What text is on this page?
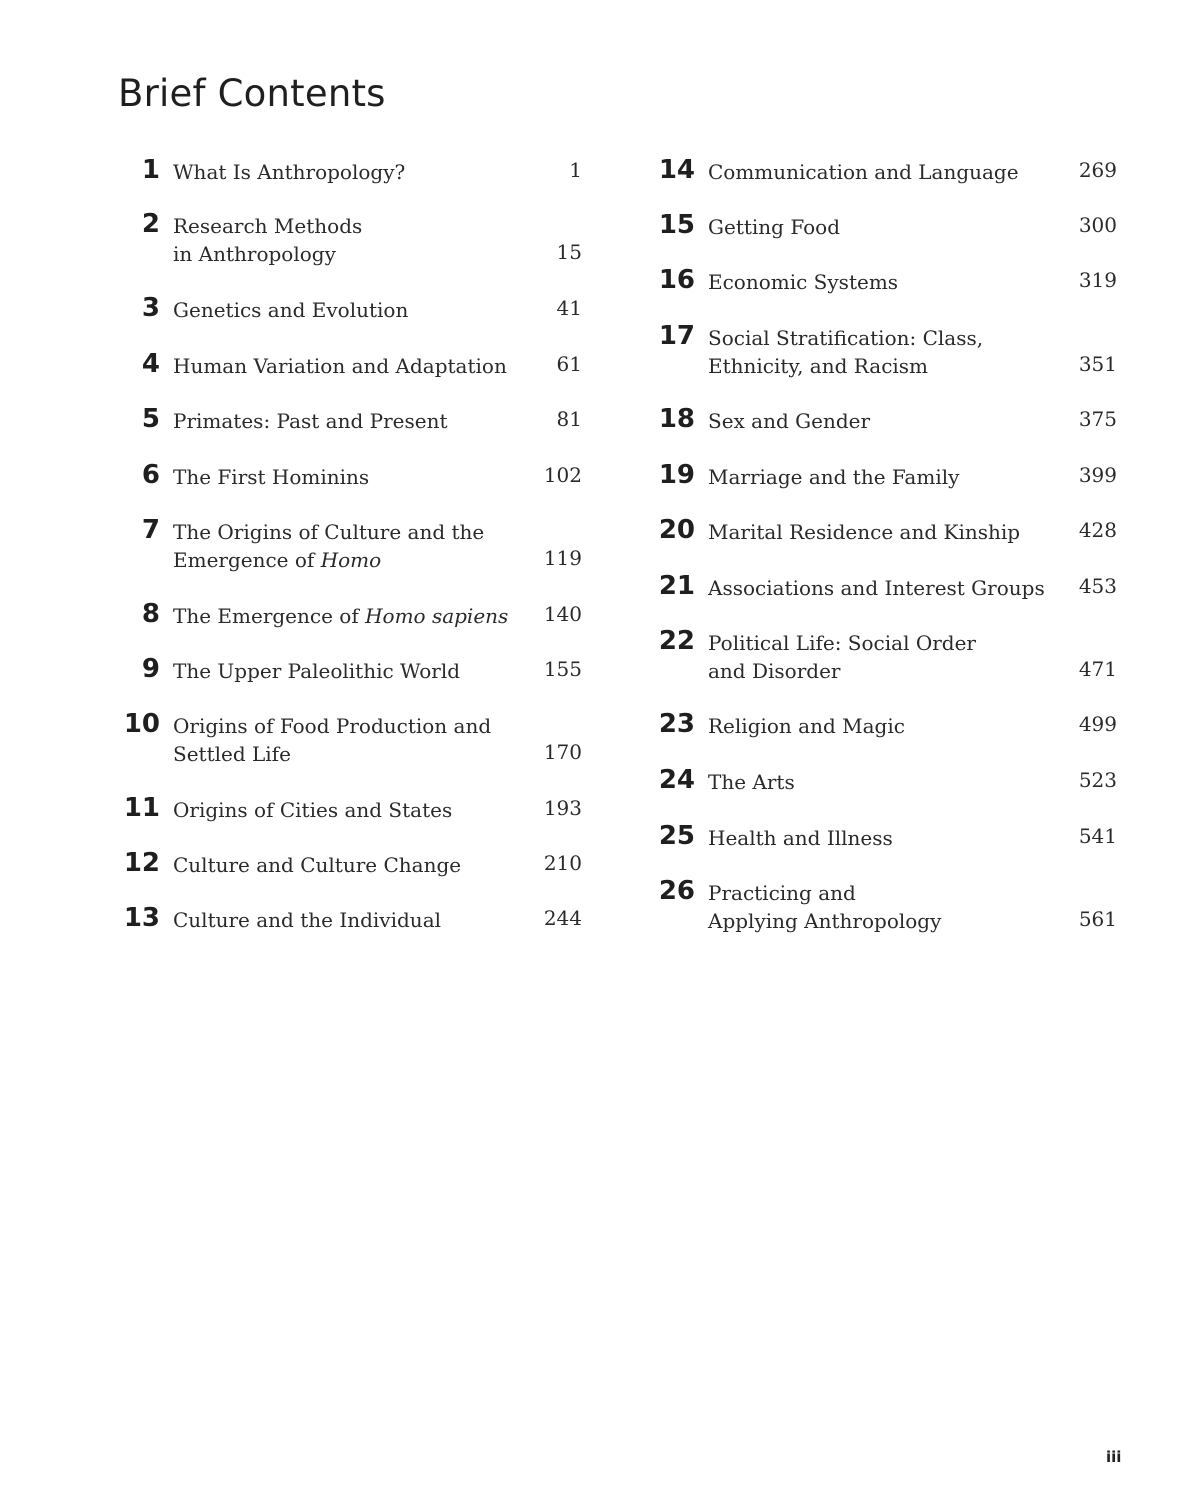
Brief Contents
1 What Is Anthropology?	1
2 Research Methods
in Anthropology	15
3 Genetics and Evolution	41
4 Human Variation and Adaptation	61
5 Primates: Past and Present	81
6 The First Hominins	102
7 The Origins of Culture and the
Emergence of Homo	119
8 The Emergence of Homo sapiens	140
9 The Upper Paleolithic World	155
10 Origins of Food Production and
Settled Life	170
11 Origins of Cities and States	193
12 Culture and Culture Change	210
13 Culture and the Individual	244
14 Communication and Language	269
15 Getting Food	300
16 Economic Systems	319
17 Social Stratification: Class,
Ethnicity, and Racism	351
18 Sex and Gender	375
19 Marriage and the Family	399
20 Marital Residence and Kinship	428
21 Associations and Interest Groups	453
22 Political Life: Social Order
and Disorder	471
23 Religion and Magic	499
24 The Arts	523
25 Health and Illness	541
26 Practicing and
Applying Anthropology	561
iii
